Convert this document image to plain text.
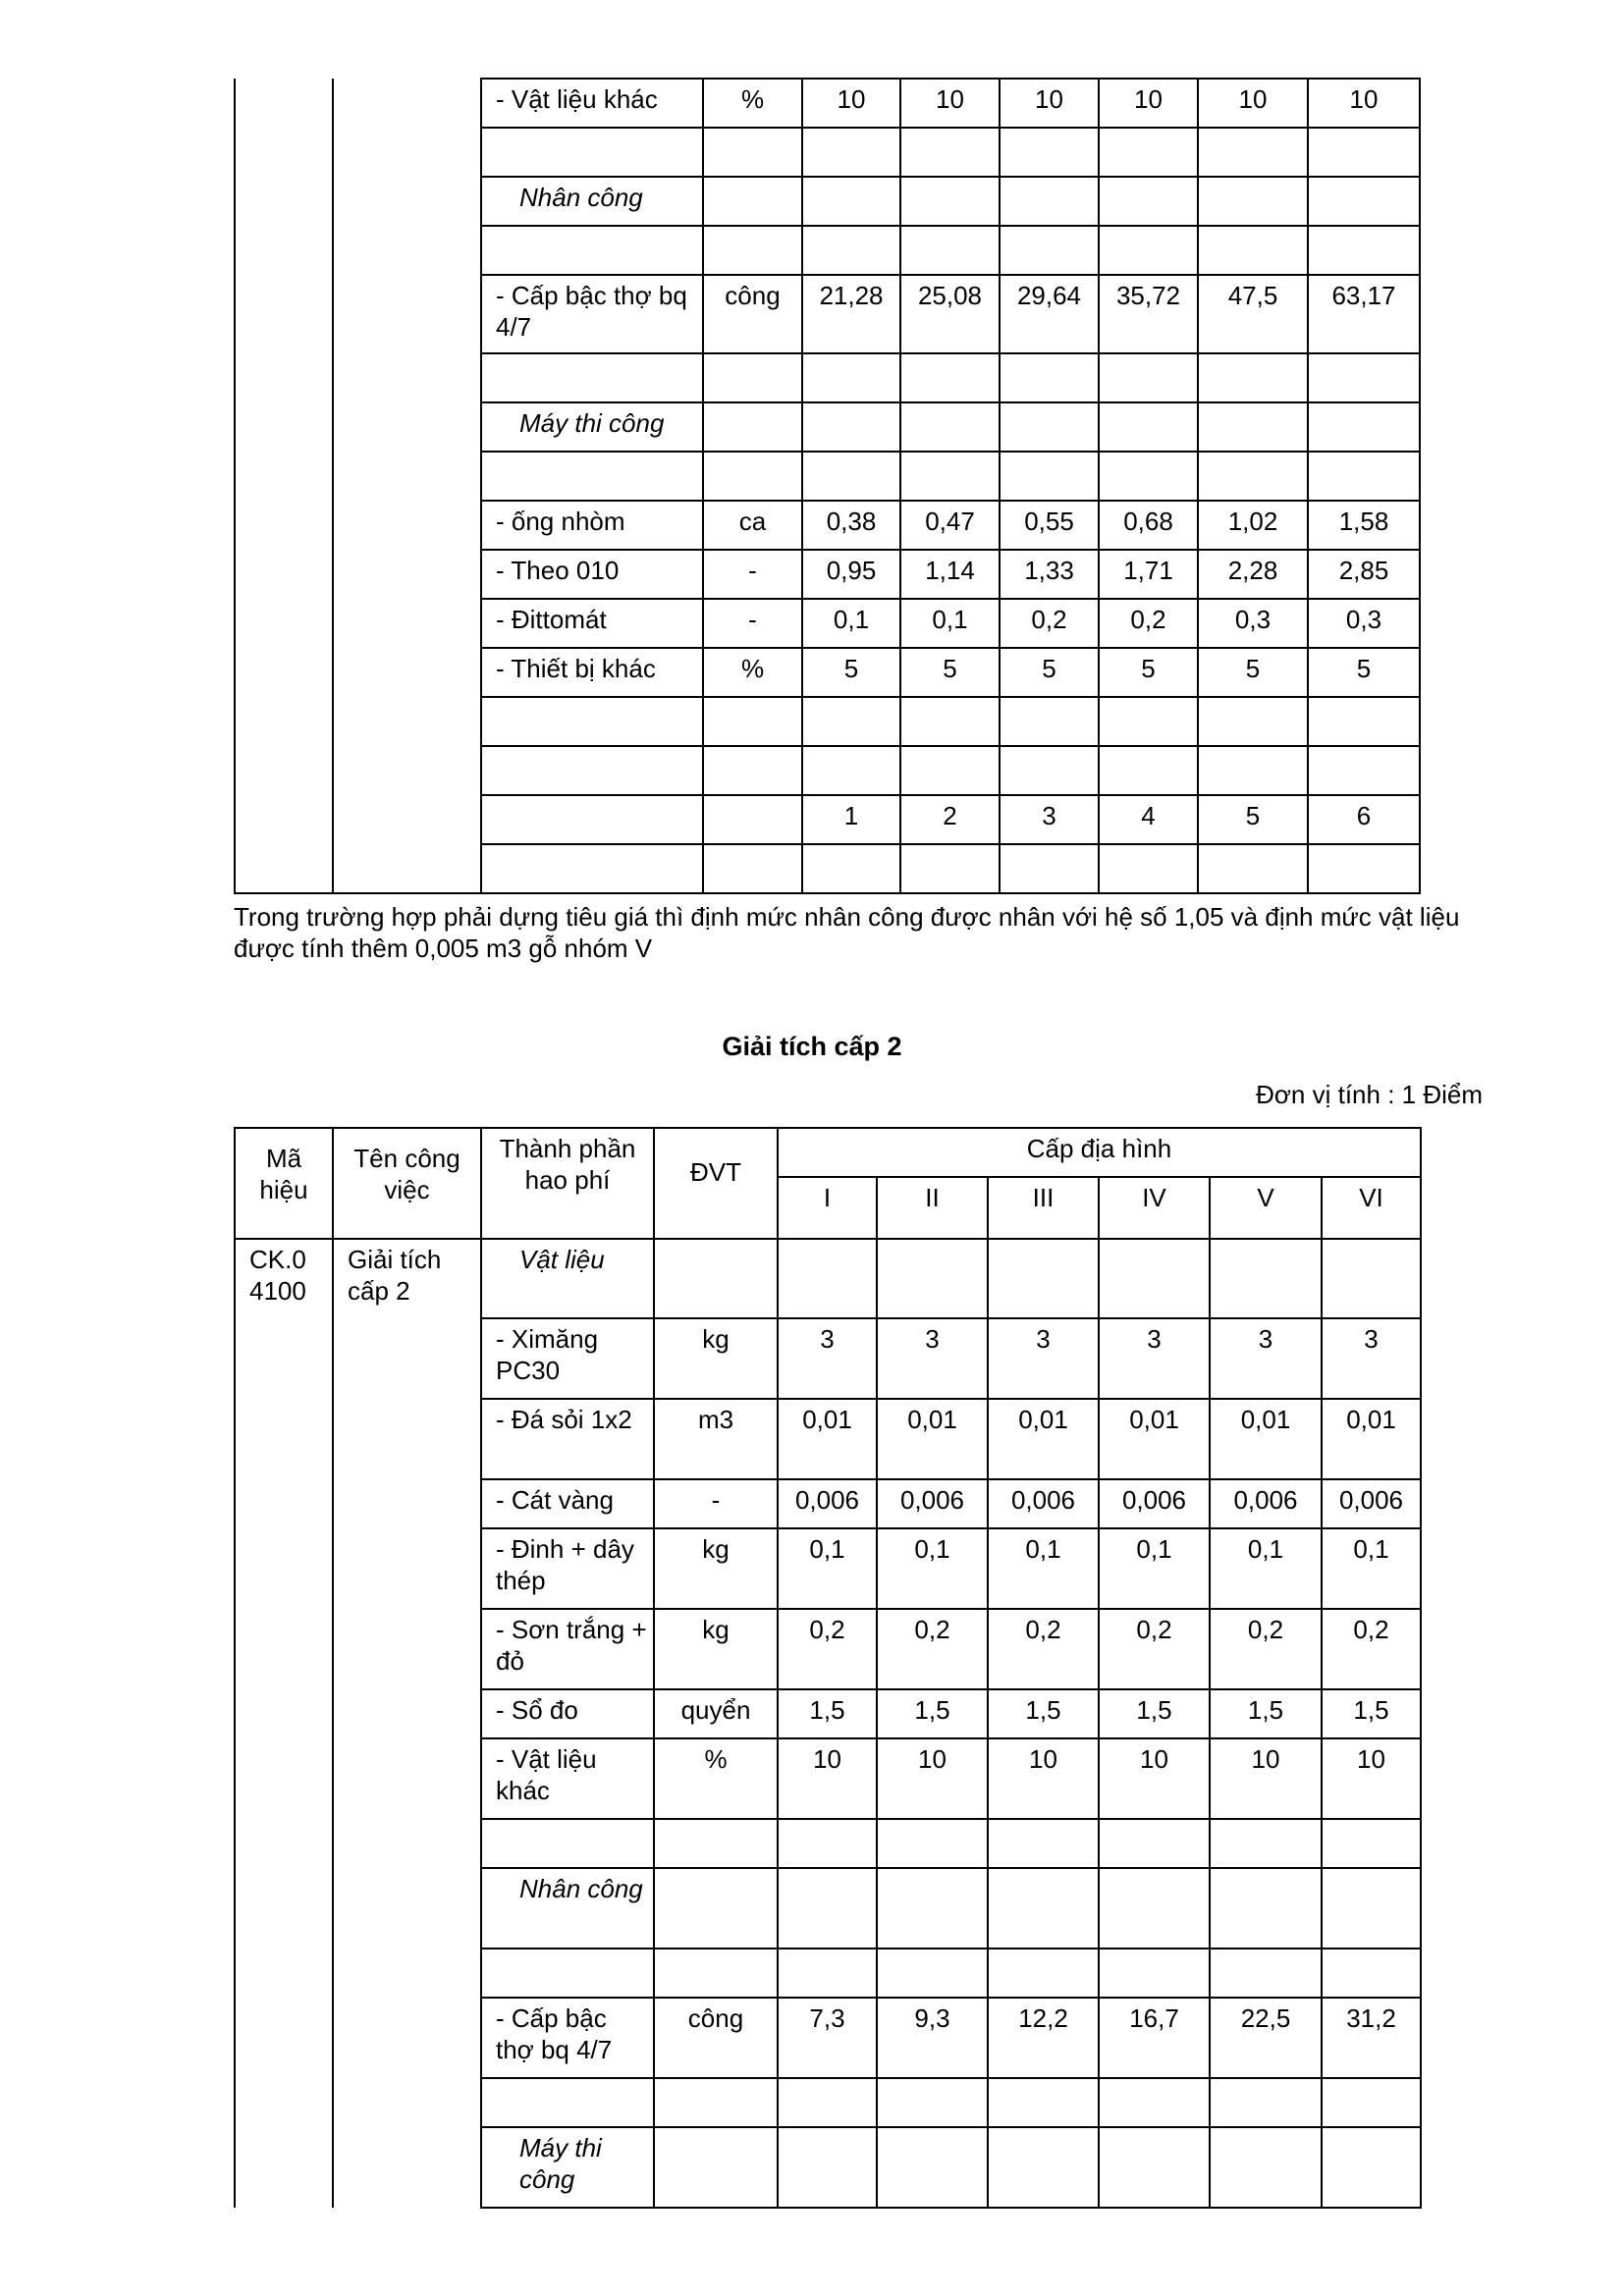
		- Vật liệu khác	%	10	10	10	10	10	10

		Nhân công							

		- Cấp bậc thợ bq 4/7	công	21,28	25,08	29,64	35,72	47,5	63,17

		Máy thi công							

		- ống nhòm	ca	0,38	0,47	0,55	0,68	1,02	1,58
		- Theo 010	-	0,95	1,14	1,33	1,71	2,28	2,85
		- Đittomát	-	0,1	0,1	0,2	0,2	0,3	0,3
		- Thiết bị khác	%	5	5	5	5	5	5

				1	2	3	4	5	6

Trong trường hợp phải dựng tiêu giá thì định mức nhân công được nhân với hệ số 1,05 và định mức vật liệu được tính thêm 0,005 m3 gỗ nhóm V
Giải tích cấp 2
Đơn vị tính : 1 Điểm
Mã hiệu	Tên công việc	Thành phần hao phí	ĐVT	Cấp địa hình					
				I	II	III	IV	V	VI
CK.0 4100	Giải tích cấp 2	Vật liệu							
		- Ximăng PC30	kg	3	3	3	3	3	3
		- Đá sỏi 1x2	m3	0,01	0,01	0,01	0,01	0,01	0,01
		- Cát vàng	-	0,006	0,006	0,006	0,006	0,006	0,006
		- Đinh + dây thép	kg	0,1	0,1	0,1	0,1	0,1	0,1
		- Sơn trắng + đỏ	kg	0,2	0,2	0,2	0,2	0,2	0,2
		- Sổ đo	quyển	1,5	1,5	1,5	1,5	1,5	1,5
		- Vật liệu khác	%	10	10	10	10	10	10

		Nhân công							

		- Cấp bậc thợ bq 4/7	công	7,3	9,3	12,2	16,7	22,5	31,2

		Máy thi công							
